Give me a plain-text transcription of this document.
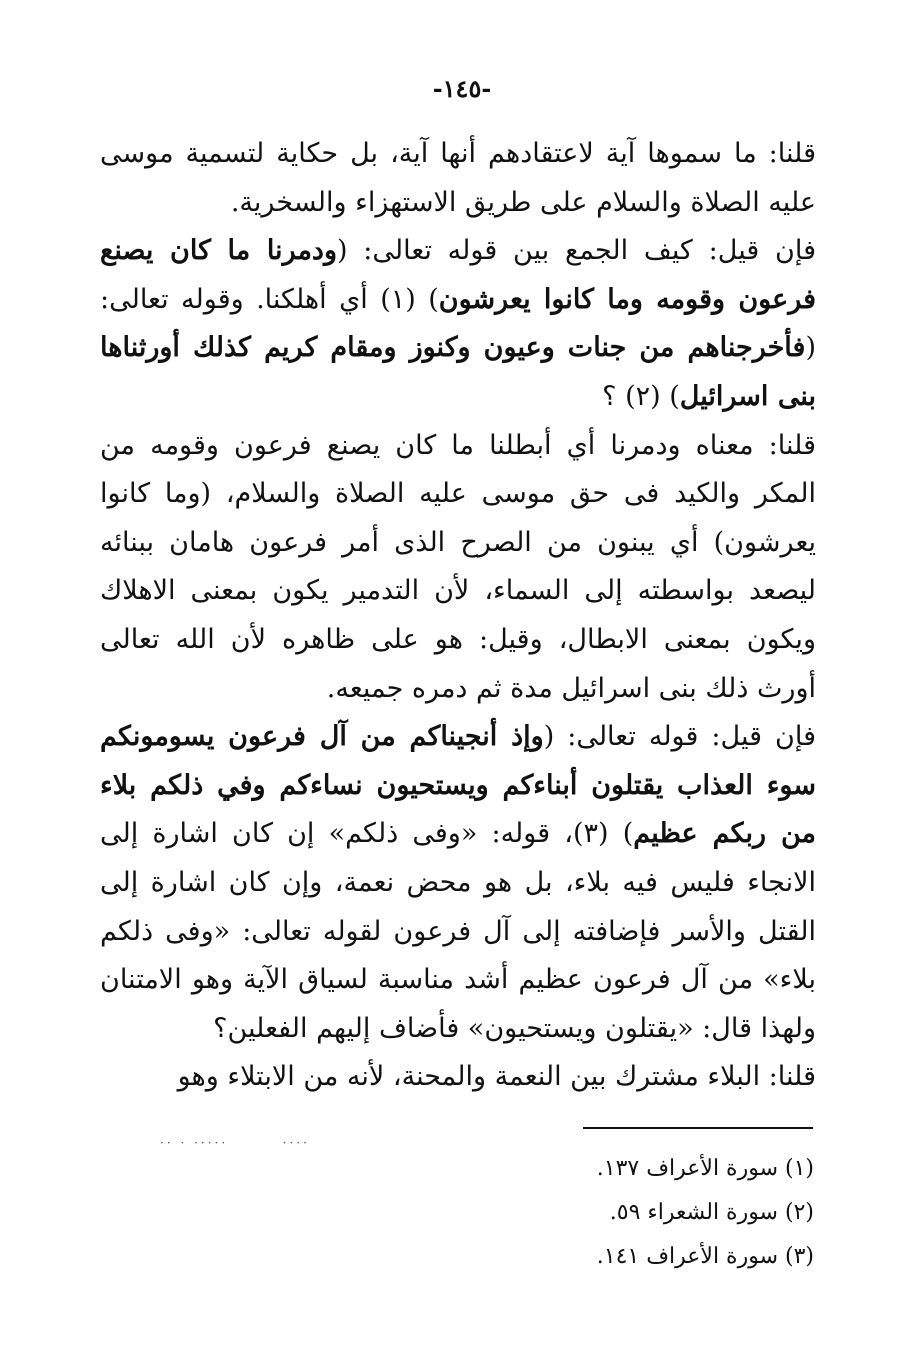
-١٤٥-

قلنا: ما سموها آية لاعتقادهم أنها آية، بل حكاية لتسمية موسى عليه الصلاة والسلام على طريق الاستهزاء والسخرية.

فإن قيل: كيف الجمع بين قوله تعالى: (ودمرنا ما كان يصنع فرعون وقومه وما كانوا يعرشون) (١) أي أهلكنا. وقوله تعالى: (فأخرجناهم من جنات وعيون وكنوز ومقام كريم كذلك أورثناها بنى اسرائيل) (٢) ؟

قلنا: معناه ودمرنا أي أبطلنا ما كان يصنع فرعون وقومه من المكر والكيد فى حق موسى عليه الصلاة والسلام، (وما كانوا يعرشون) أي يبنون من الصرح الذى أمر فرعون هامان ببنائه ليصعد بواسطته إلى السماء، لأن التدمير يكون بمعنى الاهلاك ويكون بمعنى الابطال، وقيل: هو على ظاهره لأن الله تعالى أورث ذلك بنى اسرائيل مدة ثم دمره جميعه.

فإن قيل: قوله تعالى: (وإذ أنجيناكم من آل فرعون يسومونكم سوء العذاب يقتلون أبناءكم ويستحيون نساءكم وفي ذلكم بلاء من ربكم عظيم) (٣)، قوله: «وفى ذلكم» إن كان اشارة إلى الانجاء فليس فيه بلاء، بل هو محض نعمة، وإن كان اشارة إلى القتل والأسر فإضافته إلى آل فرعون لقوله تعالى: «وفى ذلكم بلاء» من آل فرعون عظيم أشد مناسبة لسياق الآية وهو الامتنان ولهذا قال: «يقتلون ويستحيون» فأضاف إليهم الفعلين؟

قلنا: البلاء مشترك بين النعمة والمحنة، لأنه من الابتلاء وهو

·· · ·····        ····
(١) سورة الأعراف ١٣٧.
(٢) سورة الشعراء ٥٩.
(٣) سورة الأعراف ١٤١.
